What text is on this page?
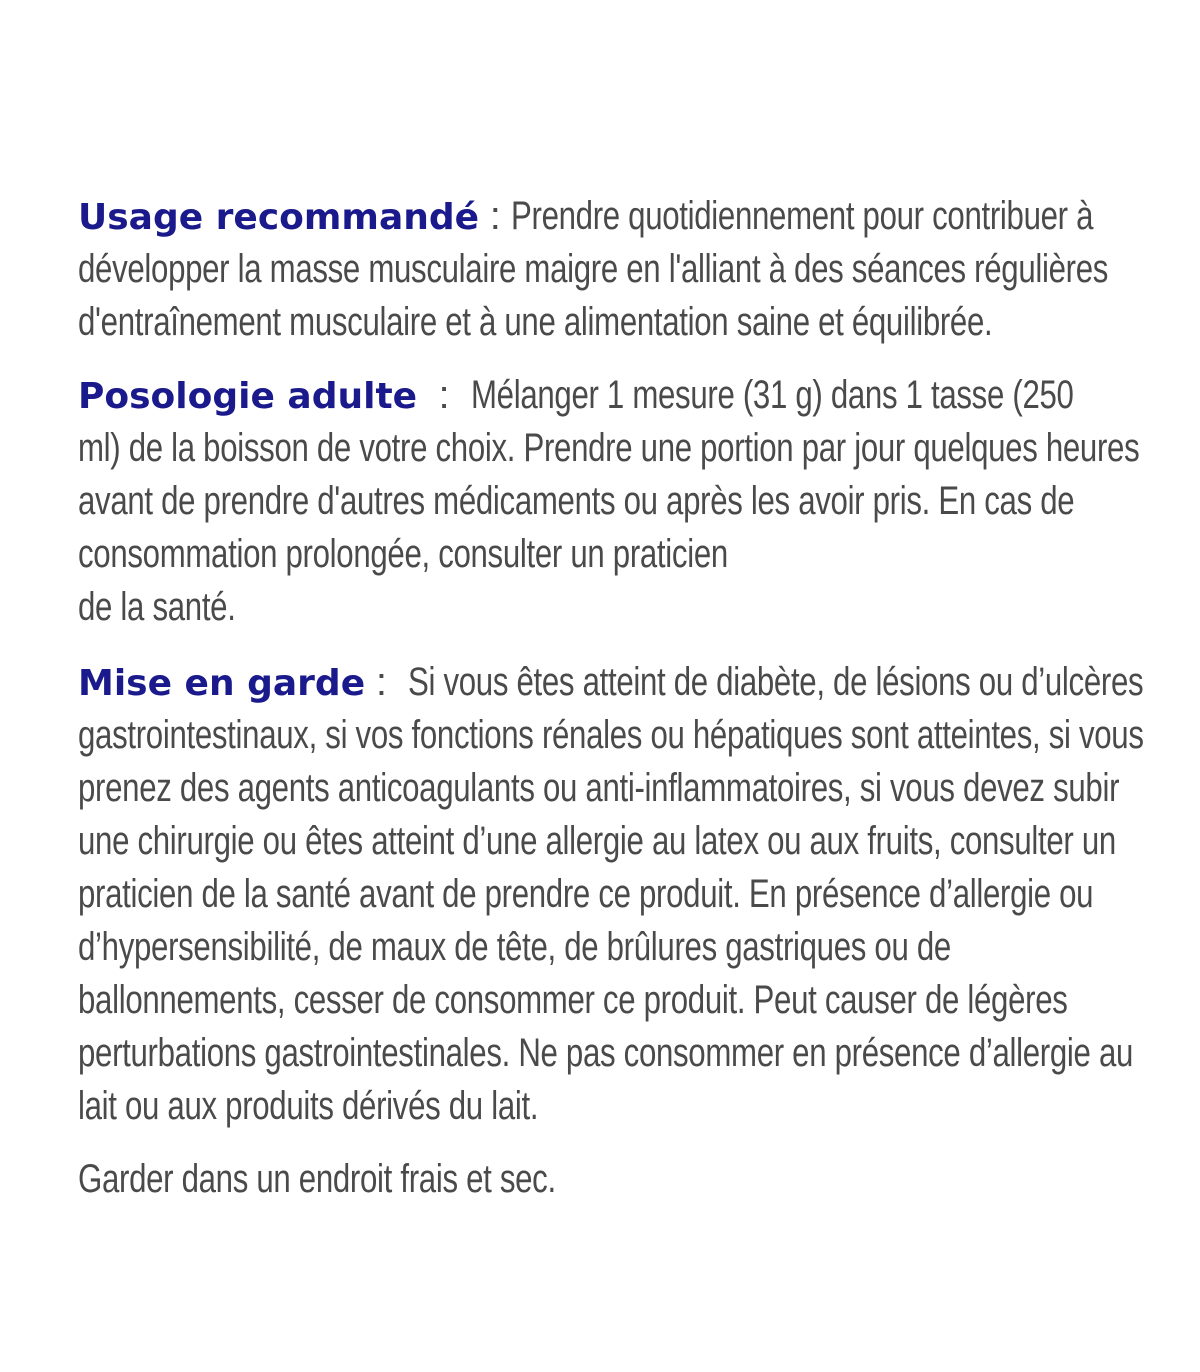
Usage recommandé : Prendre quotidiennement pour contribuer à
développer la masse musculaire maigre en l'alliant à des séances régulières
d'entraînement musculaire et à une alimentation saine et équilibrée.
Posologie adulte  :  Mélanger 1 mesure (31 g) dans 1 tasse (250
ml) de la boisson de votre choix. Prendre une portion par jour quelques heures
avant de prendre d'autres médicaments ou après les avoir pris. En cas de
consommation prolongée, consulter un praticien
de la santé.
Mise en garde :  Si vous êtes atteint de diabète, de lésions ou d’ulcères
gastrointestinaux, si vos fonctions rénales ou hépatiques sont atteintes, si vous
prenez des agents anticoagulants ou anti-inflammatoires, si vous devez subir
une chirurgie ou êtes atteint d’une allergie au latex ou aux fruits, consulter un
praticien de la santé avant de prendre ce produit. En présence d’allergie ou
d’hypersensibilité, de maux de tête, de brûlures gastriques ou de
ballonnements, cesser de consommer ce produit. Peut causer de légères
perturbations gastrointestinales. Ne pas consommer en présence d’allergie au
lait ou aux produits dérivés du lait.
Garder dans un endroit frais et sec.
